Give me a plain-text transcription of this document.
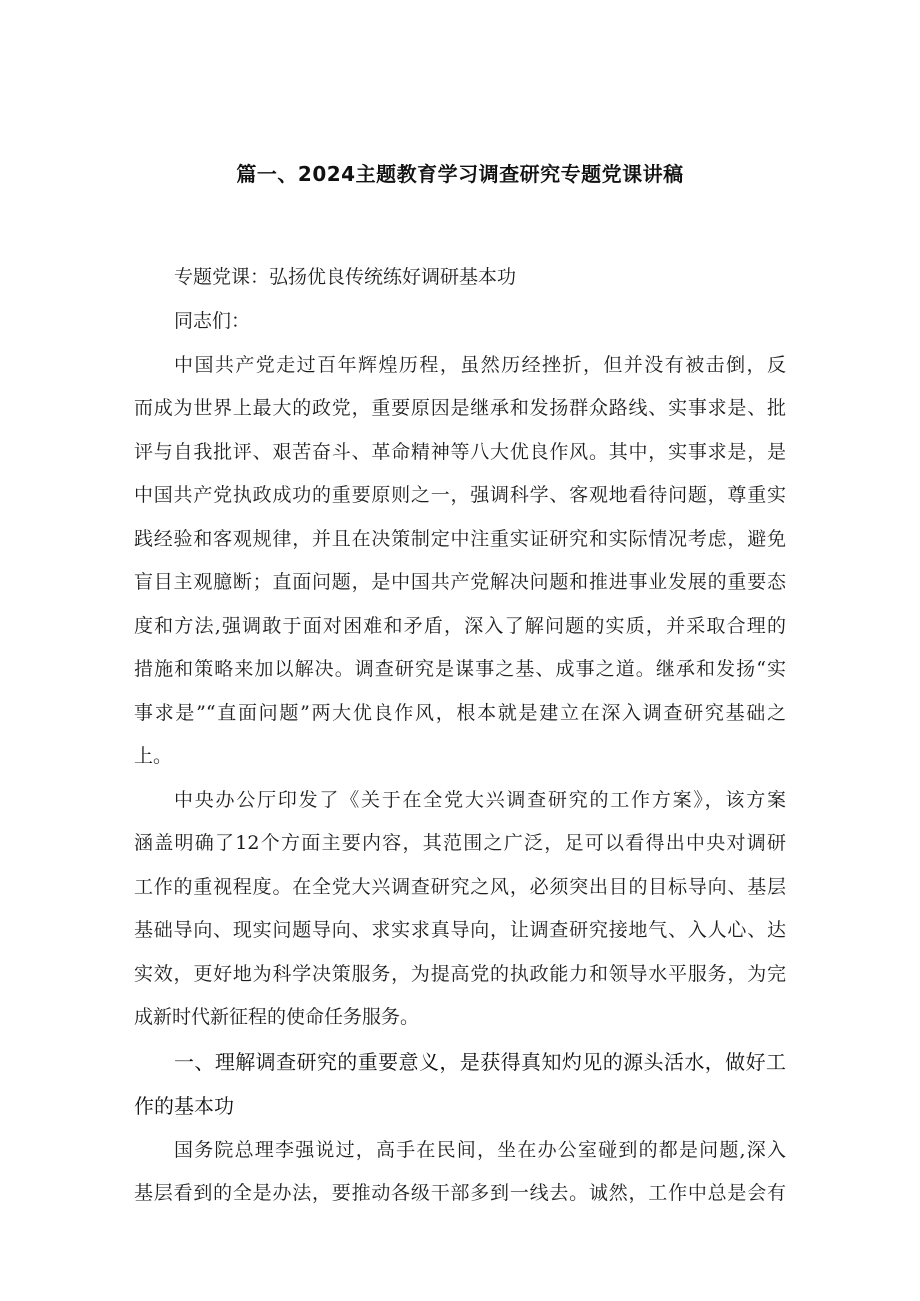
篇一、2024主题教育学习调查研究专题党课讲稿
专题党课：弘扬优良传统练好调研基本功
同志们：
中国共产党走过百年辉煌历程，虽然历经挫折，但并没有被击倒，反
而成为世界上最大的政党，重要原因是继承和发扬群众路线、实事求是、批
评与自我批评、艰苦奋斗、革命精神等八大优良作风。其中，实事求是，是
中国共产党执政成功的重要原则之一，强调科学、客观地看待问题，尊重实
践经验和客观规律，并且在决策制定中注重实证研究和实际情况考虑，避免
盲目主观臆断；直面问题，是中国共产党解决问题和推进事业发展的重要态
度和方法,强调敢于面对困难和矛盾，深入了解问题的实质，并采取合理的
措施和策略来加以解决。调查研究是谋事之基、成事之道。继承和发扬“实
事求是”“直面问题”两大优良作风，根本就是建立在深入调查研究基础之
上。
中央办公厅印发了《关于在全党大兴调查研究的工作方案》，该方案
涵盖明确了12个方面主要内容，其范围之广泛，足可以看得出中央对调研
工作的重视程度。在全党大兴调查研究之风，必须突出目的目标导向、基层
基础导向、现实问题导向、求实求真导向，让调查研究接地气、入人心、达
实效，更好地为科学决策服务，为提高党的执政能力和领导水平服务，为完
成新时代新征程的使命任务服务。
一、理解调查研究的重要意义，是获得真知灼见的源头活水，做好工
作的基本功
国务院总理李强说过，高手在民间，坐在办公室碰到的都是问题,深入
基层看到的全是办法，要推动各级干部多到一线去。诚然，工作中总是会有
